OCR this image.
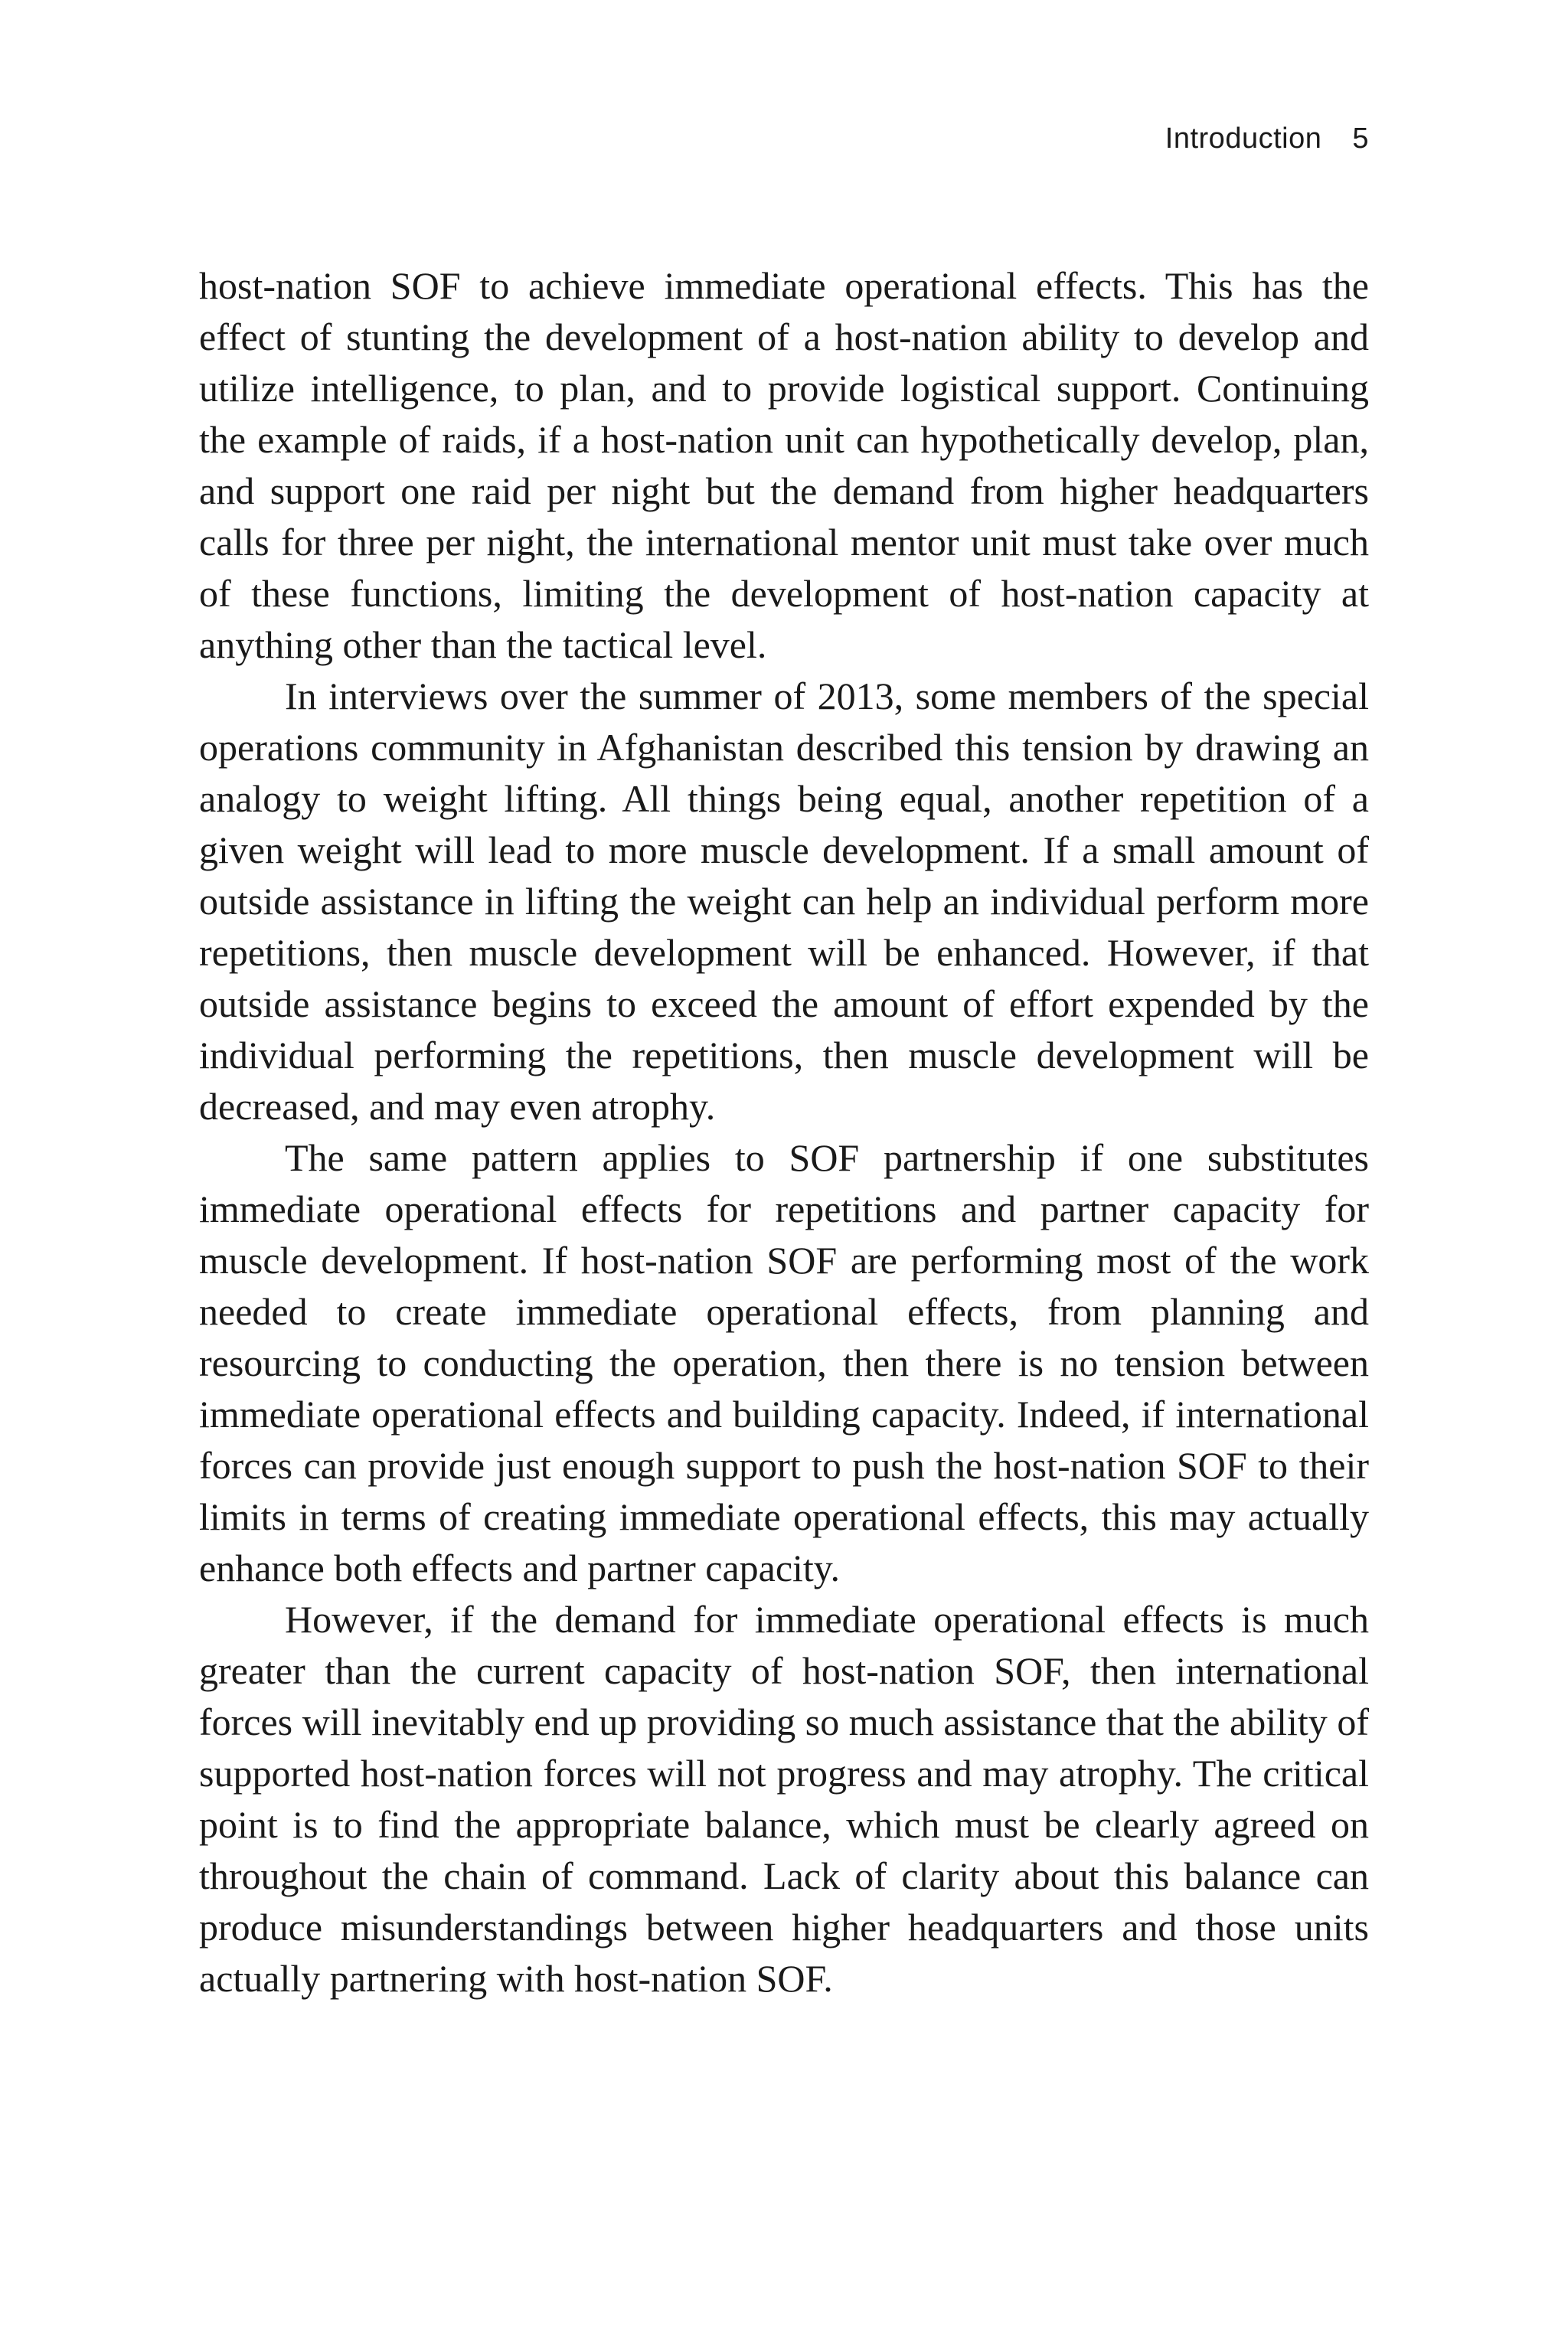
Introduction 5

host-nation SOF to achieve immediate operational effects. This has the effect of stunting the development of a host-nation ability to develop and utilize intelligence, to plan, and to provide logistical support. Continuing the example of raids, if a host-nation unit can hypothetically develop, plan, and support one raid per night but the demand from higher headquarters calls for three per night, the international mentor unit must take over much of these functions, limiting the development of host-nation capacity at anything other than the tactical level.

In interviews over the summer of 2013, some members of the special operations community in Afghanistan described this tension by drawing an analogy to weight lifting. All things being equal, another repetition of a given weight will lead to more muscle development. If a small amount of outside assistance in lifting the weight can help an individual perform more repetitions, then muscle development will be enhanced. However, if that outside assistance begins to exceed the amount of effort expended by the individual performing the repetitions, then muscle development will be decreased, and may even atrophy.

The same pattern applies to SOF partnership if one substitutes immediate operational effects for repetitions and partner capacity for muscle development. If host-nation SOF are performing most of the work needed to create immediate operational effects, from planning and resourcing to conducting the operation, then there is no tension between immediate operational effects and building capacity. Indeed, if international forces can provide just enough support to push the host-nation SOF to their limits in terms of creating immediate operational effects, this may actually enhance both effects and partner capacity.

However, if the demand for immediate operational effects is much greater than the current capacity of host-nation SOF, then international forces will inevitably end up providing so much assistance that the ability of supported host-nation forces will not progress and may atrophy. The critical point is to find the appropriate balance, which must be clearly agreed on throughout the chain of command. Lack of clarity about this balance can produce misunderstandings between higher headquarters and those units actually partnering with host-nation SOF.
